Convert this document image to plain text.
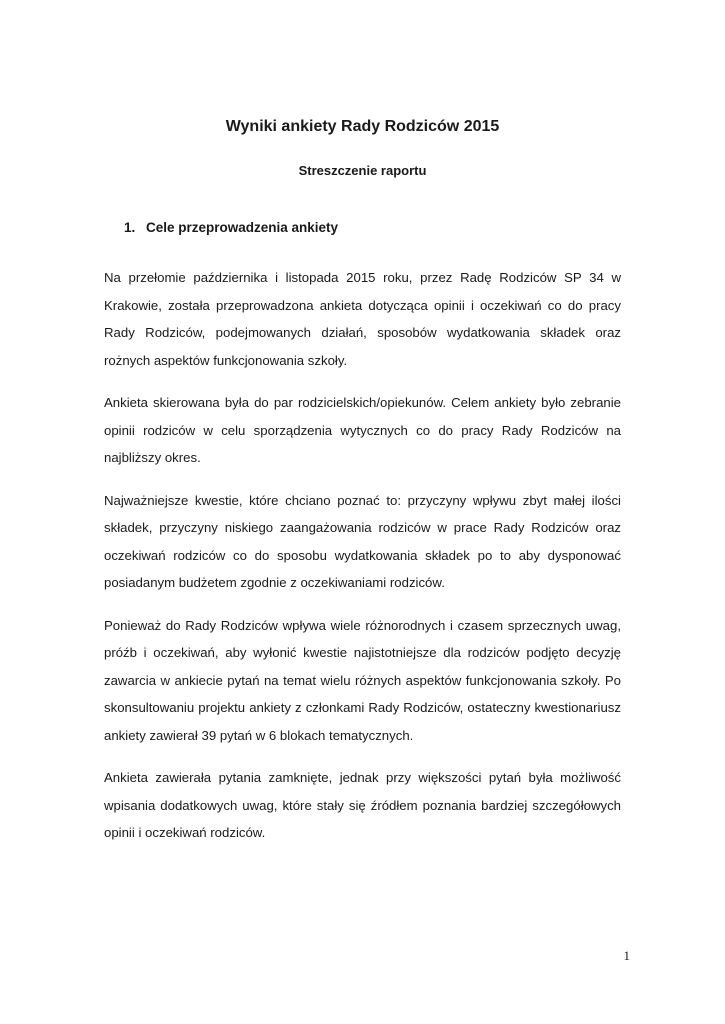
Wyniki ankiety Rady Rodziców 2015
Streszczenie raportu
1. Cele przeprowadzenia ankiety

Na przełomie października i listopada 2015 roku, przez Radę Rodziców SP 34 w Krakowie, została przeprowadzona ankieta dotycząca opinii i oczekiwań co do pracy Rady Rodziców, podejmowanych działań, sposobów wydatkowania składek oraz rożnych aspektów funkcjonowania szkoły.

Ankieta skierowana była do par rodzicielskich/opiekunów. Celem ankiety było zebranie opinii rodziców w celu sporządzenia wytycznych co do pracy Rady Rodziców na najbliższy okres.

Najważniejsze kwestie, które chciano poznać to: przyczyny wpływu zbyt małej ilości składek, przyczyny niskiego zaangażowania rodziców w prace Rady Rodziców oraz oczekiwań rodziców co do sposobu wydatkowania składek po to aby dysponować posiadanym budżetem zgodnie z oczekiwaniami rodziców.

Ponieważ do Rady Rodziców wpływa wiele różnorodnych i czasem sprzecznych uwag, próźb i oczekiwań, aby wyłonić kwestie najistotniejsze dla rodziców podjęto decyzję zawarcia w ankiecie pytań na temat wielu różnych aspektów funkcjonowania szkoły. Po skonsultowaniu projektu ankiety z członkami Rady Rodziców, ostateczny kwestionariusz ankiety zawierał 39 pytań w 6 blokach tematycznych.

Ankieta zawierała pytania zamknięte, jednak przy większości pytań była możliwość wpisania dodatkowych uwag, które stały się źródłem poznania bardziej szczegółowych opinii i oczekiwań rodziców.

1
